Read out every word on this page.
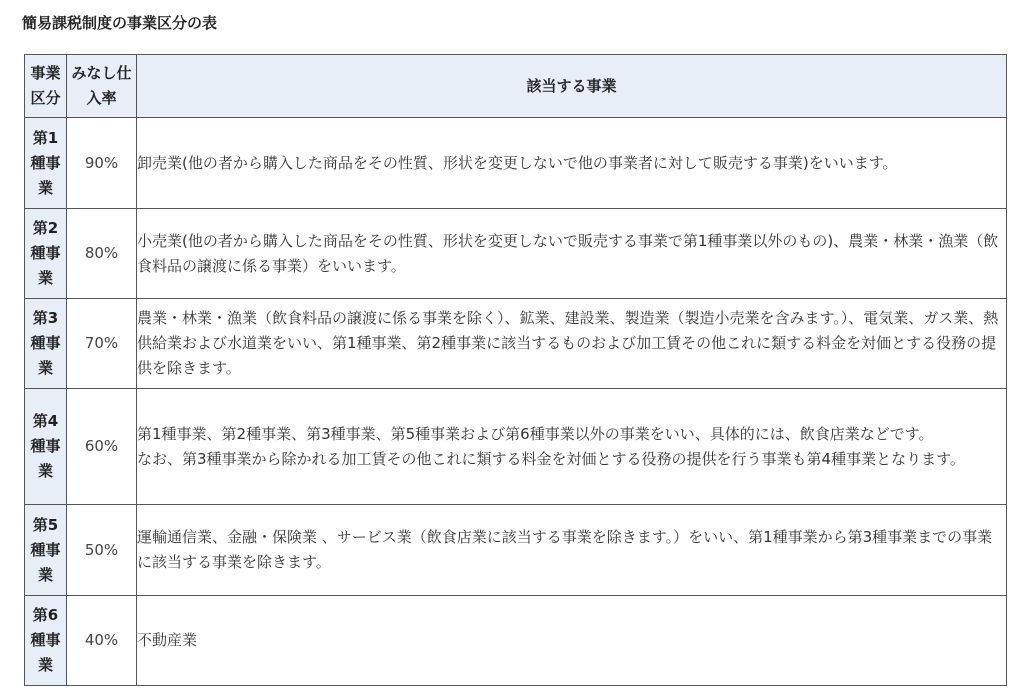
簡易課税制度の事業区分の表
事業区分	みなし仕入率	該当する事業
第1種事業	90%	卸売業(他の者から購入した商品をその性質、形状を変更しないで他の事業者に対して販売する事業)をいいます。

第2種事業	80%	小売業(他の者から購入した商品をその性質、形状を変更しないで販売する事業で第1種事業以外のもの)、農業・林業・漁業（飲食料品の譲渡に係る事業）をいいます。

第3種事業	70%	農業・林業・漁業（飲食料品の譲渡に係る事業を除く）、鉱業、建設業、製造業（製造小売業を含みます。）、電気業、ガス業、熱供給業および水道業をいい、第1種事業、第2種事業に該当するものおよび加工賃その他これに類する料金を対価とする役務の提供を除きます。

第4種事業	60%	第1種事業、第2種事業、第3種事業、第5種事業および第6種事業以外の事業をいい、具体的には、飲食店業などです。
なお、第3種事業から除かれる加工賃その他これに類する料金を対価とする役務の提供を行う事業も第4種事業となります。

第5種事業	50%	運輸通信業、金融・保険業 、サービス業（飲食店業に該当する事業を除きます。）をいい、第1種事業から第3種事業までの事業に該当する事業を除きます。

第6種事業	40%	不動産業
